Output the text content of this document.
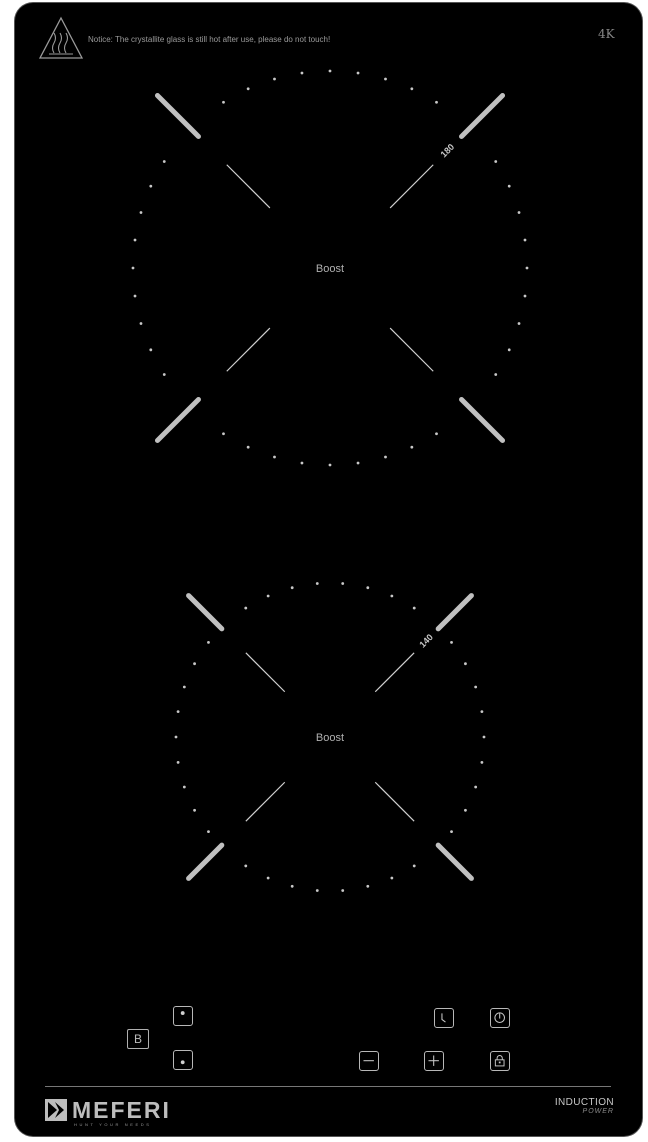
Notice: The crystallite glass is still hot after use, please do not touch!	4K
Boost
180
Boost
140
B
MEFERI
HUNT YOUR NEEDS
INDUCTION
POWER
